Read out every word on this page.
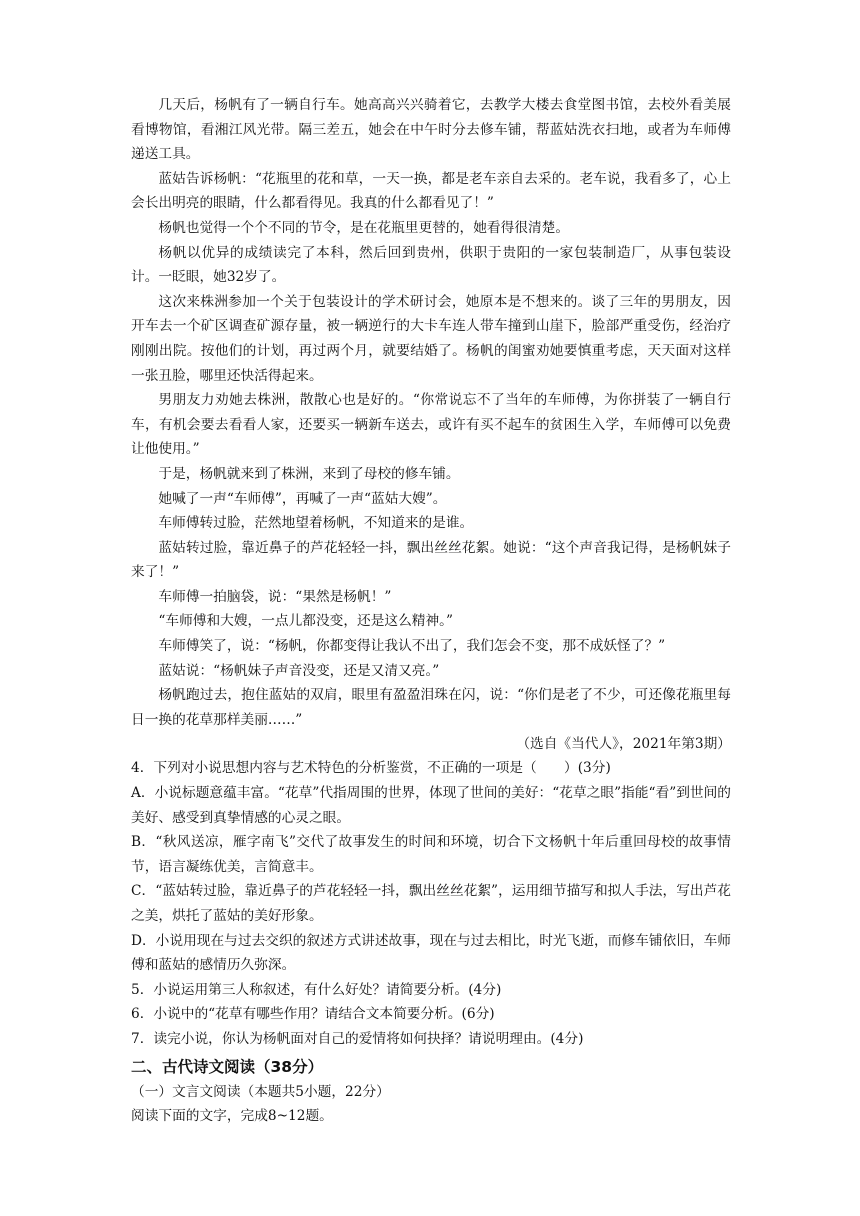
几天后，杨帆有了一辆自行车。她高高兴兴骑着它，去教学大楼去食堂图书馆，去校外看美展看博物馆，看湘江风光带。隔三差五，她会在中午时分去修车铺，帮蓝姑洗衣扫地，或者为车师傅递送工具。

蓝姑告诉杨帆：“花瓶里的花和草，一天一换，都是老车亲自去采的。老车说，我看多了，心上会长出明亮的眼睛，什么都看得见。我真的什么都看见了！”

杨帆也觉得一个个不同的节令，是在花瓶里更替的，她看得很清楚。

杨帆以优异的成绩读完了本科，然后回到贵州，供职于贵阳的一家包装制造厂，从事包装设计。一眨眼，她32岁了。

这次来株洲参加一个关于包装设计的学术研讨会，她原本是不想来的。谈了三年的男朋友，因开车去一个矿区调查矿源存量，被一辆逆行的大卡车连人带车撞到山崖下，脸部严重受伤，经治疗刚刚出院。按他们的计划，再过两个月，就要结婚了。杨帆的闺蜜劝她要慎重考虑，天天面对这样一张丑脸，哪里还快活得起来。

男朋友力劝她去株洲，散散心也是好的。“你常说忘不了当年的车师傅，为你拼装了一辆自行车，有机会要去看看人家，还要买一辆新车送去，或许有买不起车的贫困生入学，车师傅可以免费让他使用。”

于是，杨帆就来到了株洲，来到了母校的修车铺。

她喊了一声“车师傅”，再喊了一声“蓝姑大嫂”。

车师傅转过脸，茫然地望着杨帆，不知道来的是谁。

蓝姑转过脸，靠近鼻子的芦花轻轻一抖，飘出丝丝花絮。她说：“这个声音我记得，是杨帆妹子来了！”

车师傅一拍脑袋，说：“果然是杨帆！”

“车师傅和大嫂，一点儿都没变，还是这么精神。”

车师傅笑了，说：“杨帆，你都变得让我认不出了，我们怎会不变，那不成妖怪了？”

蓝姑说：“杨帆妹子声音没变，还是又清又亮。”

杨帆跑过去，抱住蓝姑的双肩，眼里有盈盈泪珠在闪，说：“你们是老了不少，可还像花瓶里每日一换的花草那样美丽……”

（选自《当代人》，2021年第3期）

4．下列对小说思想内容与艺术特色的分析鉴赏，不正确的一项是（　　）(3分)

A．小说标题意蕴丰富。“花草”代指周围的世界，体现了世间的美好：“花草之眼”指能“看”到世间的美好、感受到真挚情感的心灵之眼。

B．“秋风送凉，雁字南飞”交代了故事发生的时间和环境，切合下文杨帆十年后重回母校的故事情节，语言凝练优美，言简意丰。

C．“蓝姑转过脸，靠近鼻子的芦花轻轻一抖，飘出丝丝花絮”，运用细节描写和拟人手法，写出芦花之美，烘托了蓝姑的美好形象。

D．小说用现在与过去交织的叙述方式讲述故事，现在与过去相比，时光飞逝，而修车铺依旧，车师傅和蓝姑的感情历久弥深。

5．小说运用第三人称叙述，有什么好处？请简要分析。(4分)

6．小说中的“花草有哪些作用？请结合文本简要分析。(6分)

7．读完小说，你认为杨帆面对自己的爱情将如何抉择？请说明理由。(4分)

二、古代诗文阅读（38分）

（一）文言文阅读（本题共5小题，22分）

阅读下面的文字，完成8~12题。
